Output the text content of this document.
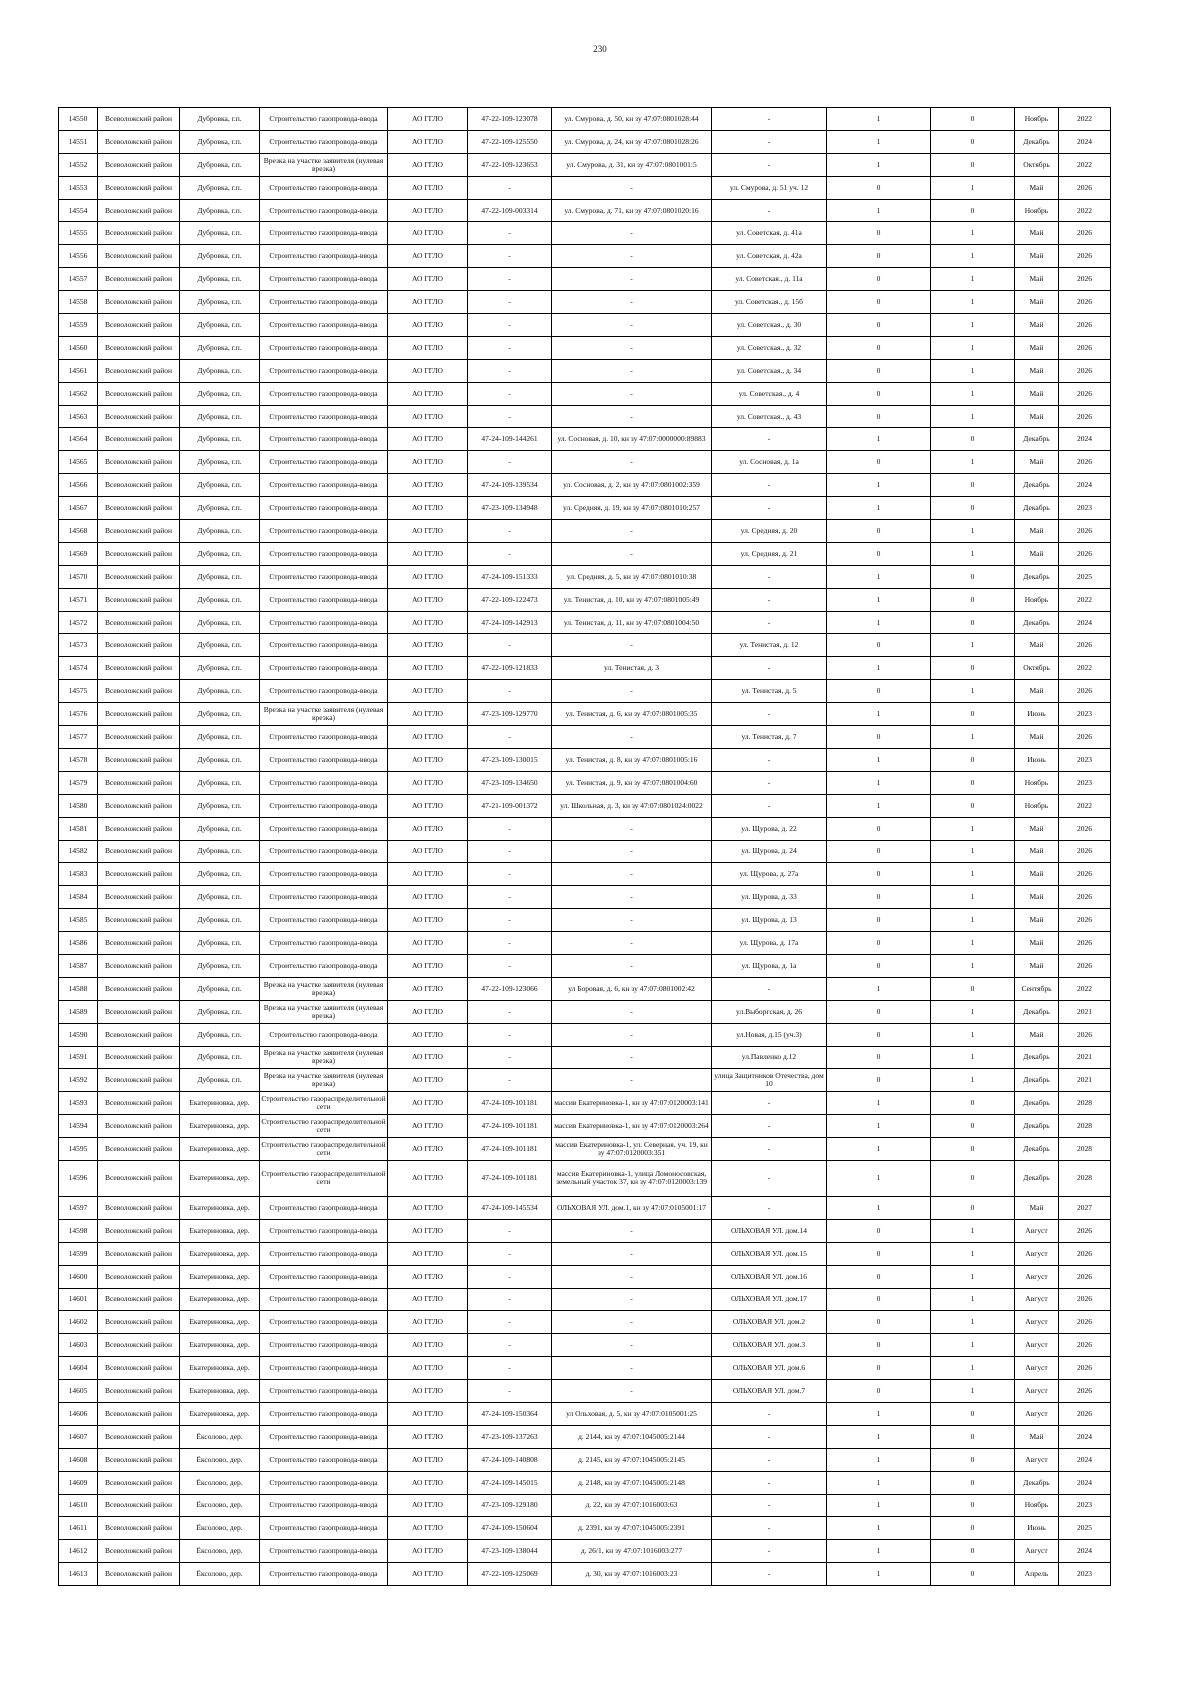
230
14550	Всеволожский район	Дубровка, г.п.	Строительство газопровода-ввода	АО ГГЛО	47-22-109-123078	ул. Смурова, д. 50, кн зу 47:07:0801028:44	-	1	0	Ноябрь	2022
14551	Всеволожский район	Дубровка, г.п.	Строительство газопровода-ввода	АО ГГЛО	47-22-109-125550	ул. Смурова, д. 24, кн зу 47:07:0801028:26	-	1	0	Декабрь	2024
14552	Всеволожский район	Дубровка, г.п.	Врезка на участке заявителя (нулевая врезка)	АО ГГЛО	47-22-109-123653	ул. Смурова, д. 31, кн зу 47:07:0801001:5	-	1	0	Октябрь	2022
14553	Всеволожский район	Дубровка, г.п.	Строительство газопровода-ввода	АО ГГЛО	-	-	ул. Смурова, д. 51 уч. 12	0	1	Май	2026
14554	Всеволожский район	Дубровка, г.п.	Строительство газопровода-ввода	АО ГГЛО	47-22-109-003314	ул. Смурова, д. 71, кн зу 47:07:0801020:16	-	1	0	Ноябрь	2022
14555	Всеволожский район	Дубровка, г.п.	Строительство газопровода-ввода	АО ГГЛО	-	-	ул. Советская, д. 41а	0	1	Май	2026
14556	Всеволожский район	Дубровка, г.п.	Строительство газопровода-ввода	АО ГГЛО	-	-	ул. Советская, д. 42а	0	1	Май	2026
14557	Всеволожский район	Дубровка, г.п.	Строительство газопровода-ввода	АО ГГЛО	-	-	ул. Советская., д. 11а	0	1	Май	2026
14558	Всеволожский район	Дубровка, г.п.	Строительство газопровода-ввода	АО ГГЛО	-	-	ул. Советская., д. 15б	0	1	Май	2026
14559	Всеволожский район	Дубровка, г.п.	Строительство газопровода-ввода	АО ГГЛО	-	-	ул. Советская., д. 30	0	1	Май	2026
14560	Всеволожский район	Дубровка, г.п.	Строительство газопровода-ввода	АО ГГЛО	-	-	ул. Советская., д. 32	0	1	Май	2026
14561	Всеволожский район	Дубровка, г.п.	Строительство газопровода-ввода	АО ГГЛО	-	-	ул. Советская., д. 34	0	1	Май	2026
14562	Всеволожский район	Дубровка, г.п.	Строительство газопровода-ввода	АО ГГЛО	-	-	ул. Советская., д. 4	0	1	Май	2026
14563	Всеволожский район	Дубровка, г.п.	Строительство газопровода-ввода	АО ГГЛО	-	-	ул. Советская., д. 43	0	1	Май	2026
14564	Всеволожский район	Дубровка, г.п.	Строительство газопровода-ввода	АО ГГЛО	47-24-109-144261	ул. Сосновая, д. 10, кн зу 47:07:0000000:89883	-	1	0	Декабрь	2024
14565	Всеволожский район	Дубровка, г.п.	Строительство газопровода-ввода	АО ГГЛО	-	-	ул. Сосновая, д. 1а	0	1	Май	2026
14566	Всеволожский район	Дубровка, г.п.	Строительство газопровода-ввода	АО ГГЛО	47-24-109-139534	ул. Сосновая, д. 2, кн зу 47:07:0801002:359	-	1	0	Декабрь	2024
14567	Всеволожский район	Дубровка, г.п.	Строительство газопровода-ввода	АО ГГЛО	47-23-109-134948	ул. Средняя, д. 19, кн зу 47:07:0801010:257	-	1	0	Декабрь	2023
14568	Всеволожский район	Дубровка, г.п.	Строительство газопровода-ввода	АО ГГЛО	-	-	ул. Средняя, д. 20	0	1	Май	2026
14569	Всеволожский район	Дубровка, г.п.	Строительство газопровода-ввода	АО ГГЛО	-	-	ул. Средняя, д. 21	0	1	Май	2026
14570	Всеволожский район	Дубровка, г.п.	Строительство газопровода-ввода	АО ГГЛО	47-24-109-151333	ул. Средняя, д. 5, кн зу 47:07:0801010:38	-	1	0	Декабрь	2025
14571	Всеволожский район	Дубровка, г.п.	Строительство газопровода-ввода	АО ГГЛО	47-22-109-122473	ул. Тенистая, д. 10, кн зу 47:07:0801005:49	-	1	0	Ноябрь	2022
14572	Всеволожский район	Дубровка, г.п.	Строительство газопровода-ввода	АО ГГЛО	47-24-109-142913	ул. Тенистая, д. 11, кн зу 47:07:0801004:50	-	1	0	Декабрь	2024
14573	Всеволожский район	Дубровка, г.п.	Строительство газопровода-ввода	АО ГГЛО	-	-	ул. Тенистая, д. 12	0	1	Май	2026
14574	Всеволожский район	Дубровка, г.п.	Строительство газопровода-ввода	АО ГГЛО	47-22-109-121833	ул. Тенистая, д. 3	-	1	0	Октябрь	2022
14575	Всеволожский район	Дубровка, г.п.	Строительство газопровода-ввода	АО ГГЛО	-	-	ул. Тенистая, д. 5	0	1	Май	2026
14576	Всеволожский район	Дубровка, г.п.	Врезка на участке заявителя (нулевая врезка)	АО ГГЛО	47-23-109-129770	ул. Тенистая, д. 6, кн зу 47:07:0801005:35	-	1	0	Июнь	2023
14577	Всеволожский район	Дубровка, г.п.	Строительство газопровода-ввода	АО ГГЛО	-	-	ул. Тенистая, д. 7	0	1	Май	2026
14578	Всеволожский район	Дубровка, г.п.	Строительство газопровода-ввода	АО ГГЛО	47-23-109-130015	ул. Тенистая, д. 8, кн зу 47:07:0801005:16	-	1	0	Июнь	2023
14579	Всеволожский район	Дубровка, г.п.	Строительство газопровода-ввода	АО ГГЛО	47-23-109-134650	ул. Тенистая, д. 9, кн зу 47:07:0801004:60	-	1	0	Ноябрь	2023
14580	Всеволожский район	Дубровка, г.п.	Строительство газопровода-ввода	АО ГГЛО	47-21-109-001372	ул. Школьная, д. 3, кн зу 47:07:0801024:0022	-	1	0	Ноябрь	2022
14581	Всеволожский район	Дубровка, г.п.	Строительство газопровода-ввода	АО ГГЛО	-	-	ул. Щурова, д. 22	0	1	Май	2026
14582	Всеволожский район	Дубровка, г.п.	Строительство газопровода-ввода	АО ГГЛО	-	-	ул. Щурова, д. 24	0	1	Май	2026
14583	Всеволожский район	Дубровка, г.п.	Строительство газопровода-ввода	АО ГГЛО	-	-	ул. Щурова, д. 27а	0	1	Май	2026
14584	Всеволожский район	Дубровка, г.п.	Строительство газопровода-ввода	АО ГГЛО	-	-	ул. Щурова, д. 33	0	1	Май	2026
14585	Всеволожский район	Дубровка, г.п.	Строительство газопровода-ввода	АО ГГЛО	-	-	ул. Щурова, д. 13	0	1	Май	2026
14586	Всеволожский район	Дубровка, г.п.	Строительство газопровода-ввода	АО ГГЛО	-	-	ул. Щурова, д. 17а	0	1	Май	2026
14587	Всеволожский район	Дубровка, г.п.	Строительство газопровода-ввода	АО ГГЛО	-	-	ул. Щурова, д. 1а	0	1	Май	2026
14588	Всеволожский район	Дубровка, г.п.	Врезка на участке заявителя (нулевая врезка)	АО ГГЛО	47-22-109-123066	ул Боровая, д. 6, кн зу 47:07:0801002:42	-	1	0	Сентябрь	2022
14589	Всеволожский район	Дубровка, г.п.	Врезка на участке заявителя (нулевая врезка)	АО ГГЛО	-	-	ул.Выборгская, д. 26	0	1	Декабрь	2021
14590	Всеволожский район	Дубровка, г.п.	Строительство газопровода-ввода	АО ГГЛО	-	-	ул.Новая, д.15 (уч.3)	0	1	Май	2026
14591	Всеволожский район	Дубровка, г.п.	Врезка на участке заявителя (нулевая врезка)	АО ГГЛО	-	-	ул.Павленко д.12	0	1	Декабрь	2021
14592	Всеволожский район	Дубровка, г.п.	Врезка на участке заявителя (нулевая врезка)	АО ГГЛО	-	-	улица Защитников Отечества, дом 10	0	1	Декабрь	2021
14593	Всеволожский район	Екатериновка, дер.	Строительство газораспределительной сети	АО ГГЛО	47-24-109-101181	массив Екатериновка-1, кн зу 47:07:0120003:141	-	1	0	Декабрь	2028
14594	Всеволожский район	Екатериновка, дер.	Строительство газораспределительной сети	АО ГГЛО	47-24-109-101181	массив Екатериновка-1, кн зу 47:07:0120003:264	-	1	0	Декабрь	2028
14595	Всеволожский район	Екатериновка, дер.	Строительство газораспределительной сети	АО ГГЛО	47-24-109-101181	массив Екатериновка-1, ул. Северная, уч. 19, кн зу 47:07:0120003:351	-	1	0	Декабрь	2028
14596	Всеволожский район	Екатериновка, дер.	Строительство газораспределительной сети	АО ГГЛО	47-24-109-101181	массив Екатериновка-1, улица Ломоносовская, земельный участок 37, кн зу 47:07:0120003:139	-	1	0	Декабрь	2028
14597	Всеволожский район	Екатериновка, дер.	Строительство газопровода-ввода	АО ГГЛО	47-24-109-145534	ОЛЬХОВАЯ УЛ. дом.1, кн зу 47:07:0105001:17	-	1	0	Май	2027
14598	Всеволожский район	Екатериновка, дер.	Строительство газопровода-ввода	АО ГГЛО	-	-	ОЛЬХОВАЯ УЛ. дом.14	0	1	Август	2026
14599	Всеволожский район	Екатериновка, дер.	Строительство газопровода-ввода	АО ГГЛО	-	-	ОЛЬХОВАЯ УЛ. дом.15	0	1	Август	2026
14600	Всеволожский район	Екатериновка, дер.	Строительство газопровода-ввода	АО ГГЛО	-	-	ОЛЬХОВАЯ УЛ. дом.16	0	1	Август	2026
14601	Всеволожский район	Екатериновка, дер.	Строительство газопровода-ввода	АО ГГЛО	-	-	ОЛЬХОВАЯ УЛ. дом.17	0	1	Август	2026
14602	Всеволожский район	Екатериновка, дер.	Строительство газопровода-ввода	АО ГГЛО	-	-	ОЛЬХОВАЯ УЛ. дом.2	0	1	Август	2026
14603	Всеволожский район	Екатериновка, дер.	Строительство газопровода-ввода	АО ГГЛО	-	-	ОЛЬХОВАЯ УЛ. дом.3	0	1	Август	2026
14604	Всеволожский район	Екатериновка, дер.	Строительство газопровода-ввода	АО ГГЛО	-	-	ОЛЬХОВАЯ УЛ. дом.6	0	1	Август	2026
14605	Всеволожский район	Екатериновка, дер.	Строительство газопровода-ввода	АО ГГЛО	-	-	ОЛЬХОВАЯ УЛ. дом.7	0	1	Август	2026
14606	Всеволожский район	Екатериновка, дер.	Строительство газопровода-ввода	АО ГГЛО	47-24-109-150364	ул Ольховая, д. 5, кн зу 47:07:0105001:25	-	1	0	Август	2026
14607	Всеволожский район	Ёксолово, дер.	Строительство газопровода-ввода	АО ГГЛО	47-23-109-137263	д. 2144, кн зу 47:07:1045005:2144	-	1	0	Май	2024
14608	Всеволожский район	Ёксолово, дер.	Строительство газопровода-ввода	АО ГГЛО	47-24-109-140808	д. 2145, кн зу 47:07:1045005:2145	-	1	0	Август	2024
14609	Всеволожский район	Ёксолово, дер.	Строительство газопровода-ввода	АО ГГЛО	47-24-109-145015	д. 2148, кн зу 47:07:1045005:2148	-	1	0	Декабрь	2024
14610	Всеволожский район	Ёксолово, дер.	Строительство газопровода-ввода	АО ГГЛО	47-23-109-129180	д. 22, кн зу 47:07:1016003:63	-	1	0	Ноябрь	2023
14611	Всеволожский район	Ёксолово, дер.	Строительство газопровода-ввода	АО ГГЛО	47-24-109-150604	д. 2391, кн зу 47:07:1045005:2391	-	1	0	Июнь	2025
14612	Всеволожский район	Ёксолово, дер.	Строительство газопровода-ввода	АО ГГЛО	47-23-109-138044	д. 26/1, кн зу 47:07:1016003:277	-	1	0	Август	2024
14613	Всеволожский район	Ёксолово, дер.	Строительство газопровода-ввода	АО ГГЛО	47-22-109-125069	д. 30, кн зу 47:07:1016003:23	-	1	0	Апрель	2023
